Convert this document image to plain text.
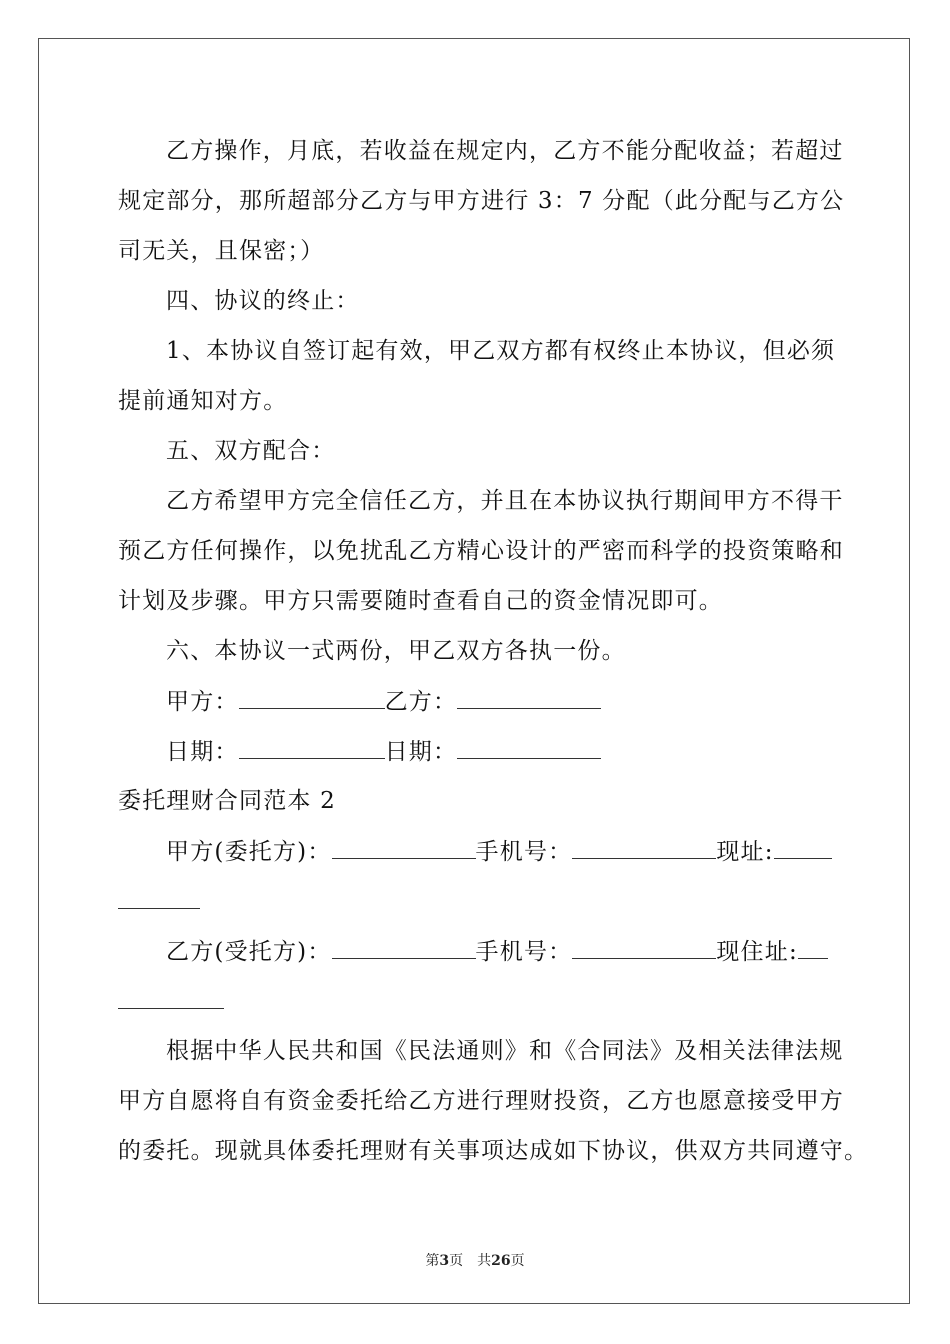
乙方操作，月底，若收益在规定内，乙方不能分配收益；若超过
规定部分，那所超部分乙方与甲方进行 3：7 分配（此分配与乙方公
司无关，且保密；）
四、协议的终止：
1、本协议自签订起有效，甲乙双方都有权终止本协议，但必须
提前通知对方。
五、双方配合：
乙方希望甲方完全信任乙方，并且在本协议执行期间甲方不得干
预乙方任何操作，以免扰乱乙方精心设计的严密而科学的投资策略和
计划及步骤。甲方只需要随时查看自己的资金情况即可。
六、本协议一式两份，甲乙双方各执一份。
甲方：	乙方：
日期：	日期：
委托理财合同范本 2
甲方(委托方)：	手机号：	现址:
乙方(受托方)：	手机号：	现住址:
根据中华人民共和国《民法通则》和《合同法》及相关法律法规
甲方自愿将自有资金委托给乙方进行理财投资，乙方也愿意接受甲方
的委托。现就具体委托理财有关事项达成如下协议，供双方共同遵守。
第3页　共26页
